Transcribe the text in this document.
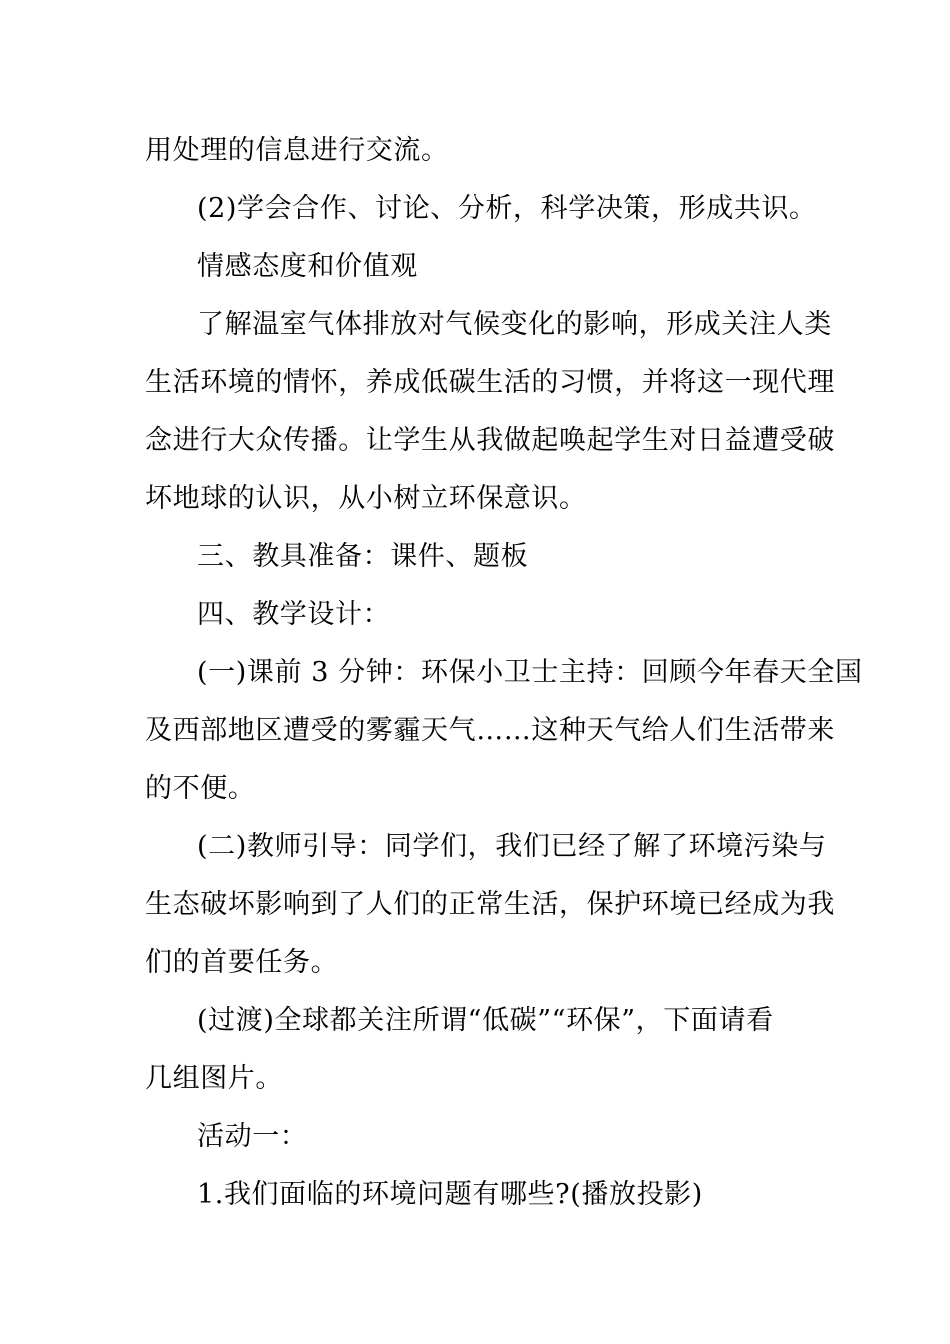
用处理的信息进行交流。
(2)学会合作、讨论、分析，科学决策，形成共识。
情感态度和价值观
了解温室气体排放对气候变化的影响，形成关注人类
生活环境的情怀，养成低碳生活的习惯，并将这一现代理
念进行大众传播。让学生从我做起唤起学生对日益遭受破
坏地球的认识，从小树立环保意识。
三、教具准备：课件、题板
四、教学设计：
(一)课前 3 分钟：环保小卫士主持：回顾今年春天全国
及西部地区遭受的雾霾天气……这种天气给人们生活带来
的不便。
(二)教师引导：同学们，我们已经了解了环境污染与
生态破坏影响到了人们的正常生活，保护环境已经成为我
们的首要任务。
(过渡)全球都关注所谓“低碳”“环保”，下面请看
几组图片。
活动一：
1.我们面临的环境问题有哪些?(播放投影)
